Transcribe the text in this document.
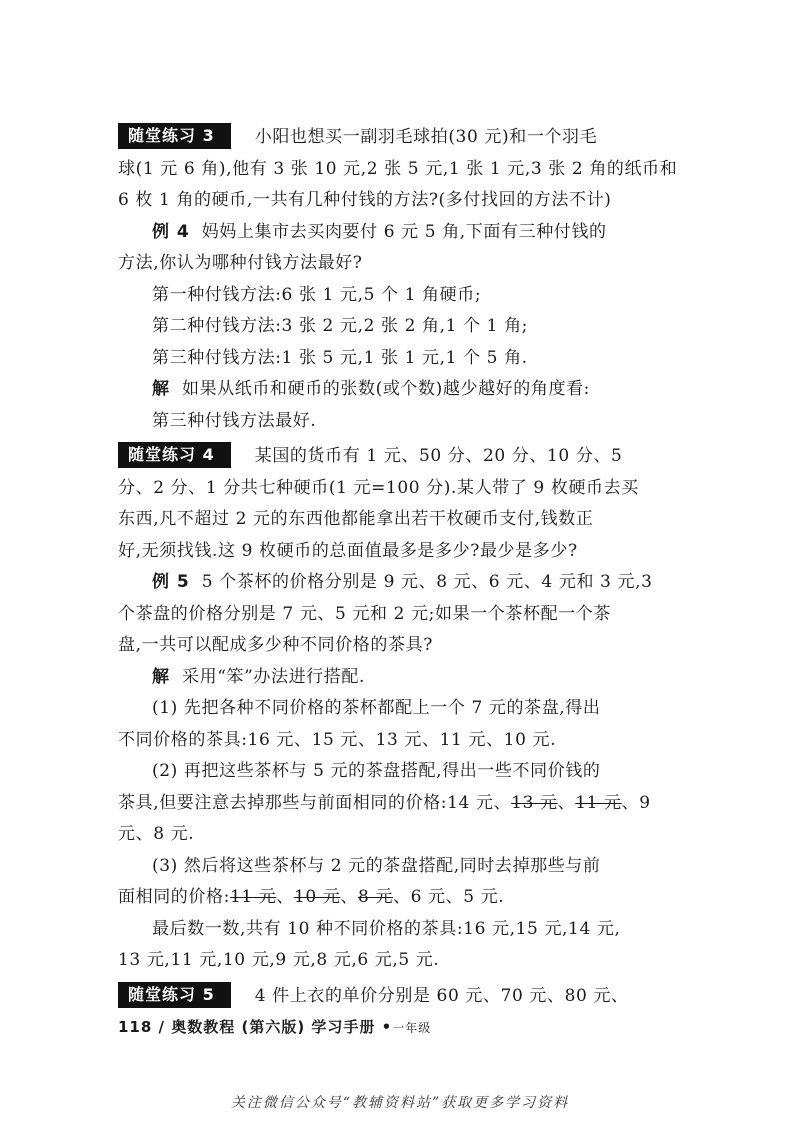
随堂练习 3 小阳也想买一副羽毛球拍(30 元)和一个羽毛

球(1 元 6 角),他有 3 张 10 元,2 张 5 元,1 张 1 元,3 张 2 角的纸币和

6 枚 1 角的硬币,一共有几种付钱的方法?(多付找回的方法不计)

例 4 妈妈上集市去买肉要付 6 元 5 角,下面有三种付钱的

方法,你认为哪种付钱方法最好?

第一种付钱方法:6 张 1 元,5 个 1 角硬币;

第二种付钱方法:3 张 2 元,2 张 2 角,1 个 1 角;

第三种付钱方法:1 张 5 元,1 张 1 元,1 个 5 角.

解 如果从纸币和硬币的张数(或个数)越少越好的角度看:

第三种付钱方法最好.

随堂练习 4 某国的货币有 1 元、50 分、20 分、10 分、5

分、2 分、1 分共七种硬币(1 元=100 分).某人带了 9 枚硬币去买

东西,凡不超过 2 元的东西他都能拿出若干枚硬币支付,钱数正

好,无须找钱.这 9 枚硬币的总面值最多是多少?最少是多少?

例 5 5 个茶杯的价格分别是 9 元、8 元、6 元、4 元和 3 元,3

个茶盘的价格分别是 7 元、5 元和 2 元;如果一个茶杯配一个茶

盘,一共可以配成多少种不同价格的茶具?

解 采用“笨”办法进行搭配.

(1) 先把各种不同价格的茶杯都配上一个 7 元的茶盘,得出

不同价格的茶具:16 元、15 元、13 元、11 元、10 元.

(2) 再把这些茶杯与 5 元的茶盘搭配,得出一些不同价钱的

茶具,但要注意去掉那些与前面相同的价格:14 元、13 元、11 元、9

元、8 元.

(3) 然后将这些茶杯与 2 元的茶盘搭配,同时去掉那些与前

面相同的价格:11 元、10 元、8 元、6 元、5 元.

最后数一数,共有 10 种不同价格的茶具:16 元,15 元,14 元,

13 元,11 元,10 元,9 元,8 元,6 元,5 元.

随堂练习 5 4 件上衣的单价分别是 60 元、70 元、80 元、

118 / 奥数教程 (第六版) 学习手册 •一年级
关注微信公众号“教辅资料站”获取更多学习资料
